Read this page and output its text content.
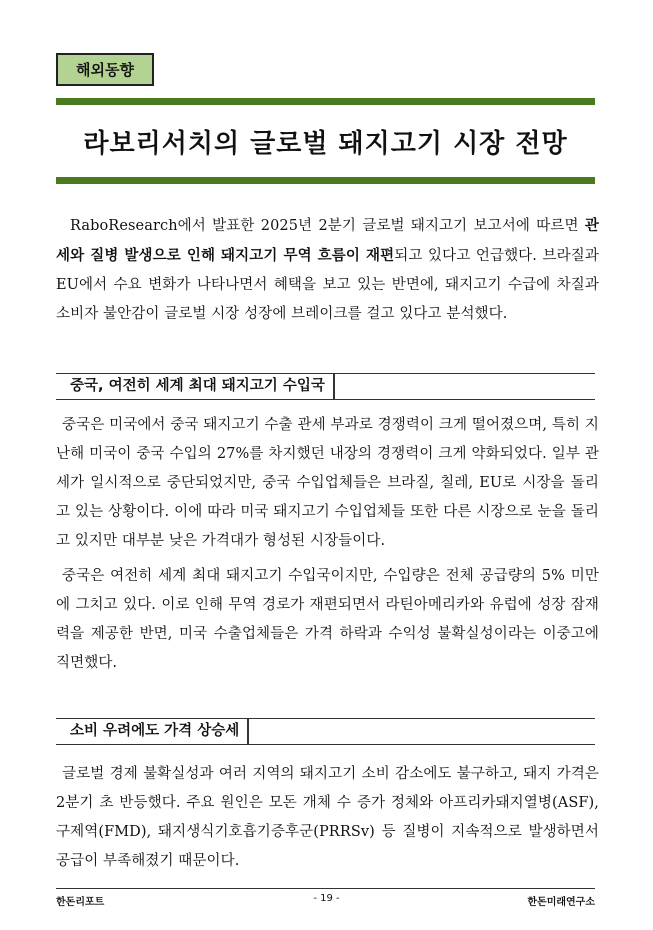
해외동향
라보리서치의 글로벌 돼지고기 시장 전망

RaboResearch에서 발표한 2025년 2분기 글로벌 돼지고기 보고서에 따르면 관세와 질병 발생으로 인해 돼지고기 무역 흐름이 재편되고 있다고 언급했다. 브라질과 EU에서 수요 변화가 나타나면서 혜택을 보고 있는 반면에, 돼지고기 수급에 차질과 소비자 불안감이 글로벌 시장 성장에 브레이크를 걸고 있다고 분석했다.

중국, 여전히 세계 최대 돼지고기 수입국

중국은 미국에서 중국 돼지고기 수출 관세 부과로 경쟁력이 크게 떨어졌으며, 특히 지난해 미국이 중국 수입의 27%를 차지했던 내장의 경쟁력이 크게 약화되었다. 일부 관세가 일시적으로 중단되었지만, 중국 수입업체들은 브라질, 칠레, EU로 시장을 돌리고 있는 상황이다. 이에 따라 미국 돼지고기 수입업체들 또한 다른 시장으로 눈을 돌리고 있지만 대부분 낮은 가격대가 형성된 시장들이다.

중국은 여전히 세계 최대 돼지고기 수입국이지만, 수입량은 전체 공급량의 5% 미만에 그치고 있다. 이로 인해 무역 경로가 재편되면서 라틴아메리카와 유럽에 성장 잠재력을 제공한 반면, 미국 수출업체들은 가격 하락과 수익성 불확실성이라는 이중고에 직면했다.

소비 우려에도 가격 상승세

글로벌 경제 불확실성과 여러 지역의 돼지고기 소비 감소에도 불구하고, 돼지 가격은 2분기 초 반등했다. 주요 원인은 모돈 개체 수 증가 정체와 아프리카돼지열병(ASF), 구제역(FMD), 돼지생식기호흡기증후군(PRRSv) 등 질병이 지속적으로 발생하면서 공급이 부족해졌기 때문이다.

한돈리포트	- 19 -	한돈미래연구소
